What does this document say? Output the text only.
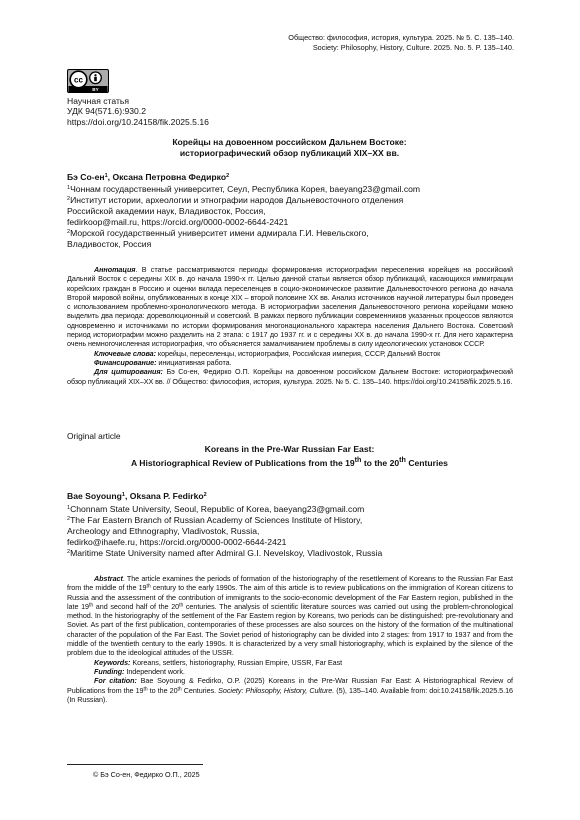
Общество: философия, история, культура. 2025. № 5. С. 135–140.
Society: Philosophy, History, Culture. 2025. No. 5. P. 135–140.
cc
BY
Научная статья
УДК 94(571.6):930.2
https://doi.org/10.24158/fik.2025.5.16
Корейцы на довоенном российском Дальнем Востоке:
историографический обзор публикаций XIX–XX вв.
Бэ $Со-ен^1$, Оксана Петровна Федирко$^2$
$^1$Чоннам государственный университет, Сеул, Республика Корея, baeyang23@gmail.com
$^2$Институт истории, археологии и этнографии народов Дальневосточного отделения
Российской академии наук, Владивосток, Россия,
fedirkoop@mail.ru, https://orcid.org/0000-0002-6644-2421
$^2$Морской государственный университет имени адмирала Г.И. Невельского,
Владивосток, Россия

Аннотация. В статье рассматриваются периоды формирования историографии переселения корейцев на российский Дальний Восток с середины XIX в. до начала 1990-х гг. Целью данной статьи является обзор публикаций, касающихся иммиграции корейских граждан в Россию и оценки вклада переселенцев в социо-экономическое развитие Дальневосточного региона до начала Второй мировой войны, опубликованных в конце XIX – второй половине XX вв. Анализ источников научной литературы был проведен с использованием проблемно-хронологического метода. В историографии заселения Дальневосточного региона корейцами можно выделить два периода: дореволюционный и советский. В рамках первого публикации современников указанных процессов являются одновременно и источниками по истории формирования многонационального характера населения Дальнего Востока. Советский период историографии можно разделить на 2 этапа: с 1917 до 1937 гг. и с середины XX в. до начала 1990-х гг. Для него характерна очень немногочисленная историография, что объясняется замалчиванием проблемы в силу идеологических установок СССР.

Ключевые слова: корейцы, переселенцы, историография, Российская империя, СССР, Дальний Восток

Финансирование: инициативная работа.

Для цитирования: Бэ Со-ен, Федирко О.П. Корейцы на довоенном российском Дальнем Востоке: историографический обзор публикаций XIX–XX вв. // Общество: философия, история, культура. 2025. № 5. С. 135–140. https://doi.org/10.24158/fik.2025.5.16.

Original article
Koreans in the Pre-War Russian Far East:
A Historiographical Review of Publications from the 19th to the 20th Centuries
Bae Soyoung$^1$, Oksana P. Fedirko$^2$
$^1$Chonnam State University, Seoul, Republic of Korea, baeyang23@gmail.com
$^2$The Far Eastern Branch of Russian Academy of Sciences Institute of History,
Archeology and Ethnography, Vladivostok, Russia,
fedirko@ihaefe.ru, https://orcid.org/0000-0002-6644-2421
$^2$Maritime State University named after Admiral G.I. Nevelskoy, Vladivostok, Russia

Abstract. The article examines the periods of formation of the historiography of the resettlement of Koreans to the Russian Far East from the middle of the 19th century to the early 1990s. The aim of this article is to review publications on the immigration of Korean citizens to Russia and the assessment of the contribution of immigrants to the socio-economic development of the Far Eastern region, published in the late 19th and second half of the 20th centuries. The analysis of scientific literature sources was carried out using the problem-chronological method. In the historiography of the settlement of the Far Eastern region by Koreans, two periods can be distinguished: pre-revolutionary and Soviet. As part of the first publication, contemporaries of these processes are also sources on the history of the formation of the multinational character of the population of the Far East. The Soviet period of historiography can be divided into 2 stages: from 1917 to 1937 and from the middle of the twentieth century to the early 1990s. It is characterized by a very small historiography, which is explained by the silence of the problem due to the ideological attitudes of the USSR.

Keywords: Koreans, settlers, historiography, Russian Empire, USSR, Far East

Funding: Independent work.

For citation: Bae Soyoung & Fedirko, O.P. (2025) Koreans in the Pre-War Russian Far East: A Historiographical Review of Publications from the 19th to the 20th Centuries. Society: Philosophy, History, Culture. (5), 135–140. Available from: doi:10.24158/fik.2025.5.16 (In Russian).

© Бэ Со-ен, Федирко О.П., 2025
